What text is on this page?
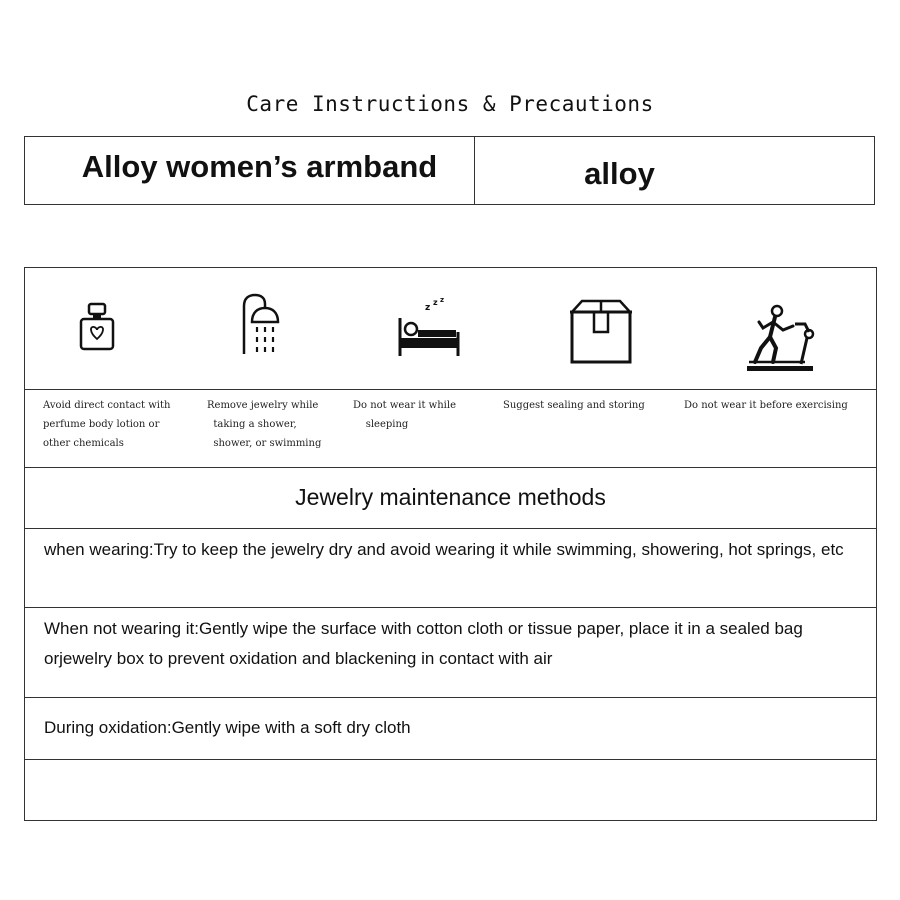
Care Instructions & Precautions
Alloy women’s armband	alloy
z
z z
Avoid direct contact with
perfume body lotion or
other chemicals
Remove jewelry while
taking a shower,
shower, or swimming
Do not wear it while
sleeping
Suggest sealing and storing	Do not wear it before exercising
Jewelry maintenance methods
when wearing:Try to keep the jewelry dry and avoid wearing it while swimming, showering, hot springs, etc
When not wearing it:Gently wipe the surface with cotton cloth or tissue paper, place it in a sealed bag orjewelry box to prevent oxidation and blackening in contact with air
During oxidation:Gently wipe with a soft dry cloth
